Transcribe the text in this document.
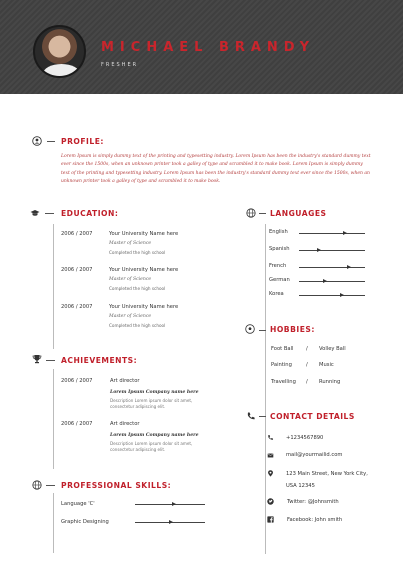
MICHAEL BRANDY
FRESHER
PROFILE:
Lorem Ipsum is simply dummy text of the printing and typesetting industry. Lorem Ipsum has been the industry's standard dummy text ever since the 1500s, when an unknown printer took a galley of type and scrambled it to make book. Lorem Ipsum is simply dummy text of the printing and typesetting industry. Lorem Ipsum has been the industry's standard dummy text ever since the 1500s, when an unknown printer took a galley of type and scrambled it to make book.
EDUCATION:
2006 / 2007	Your University Name here
Master of Science
Completed the high school
2006 / 2007	Your University Name here
Master of Science
Completed the high school
2006 / 2007	Your University Name here
Master of Science
Completed the high school
ACHIEVEMENTS:
2006 / 2007	Art director
Lorem Ipsum Company name here
Description Lorem ipsum dolor sit amet, consectetur adipiscing elit.
2006 / 2007	Art director
Lorem Ipsum Company name here
Description Lorem ipsum dolor sit amet, consectetur adipiscing elit.
PROFESSIONAL SKILLS:
Language 'C'
Graphic Designing
LANGUAGES
English
Spanish
French
German
Korea
HOBBIES:
Foot Ball / Volley Ball
Painting	/ Music
Travelling / Running
CONTACT DETAILS
+1234567890
mail@yourmailid.com
123 Main Street, New York City,
USA 12345
Twitter: @Johnsmith
Facebook: John smith
